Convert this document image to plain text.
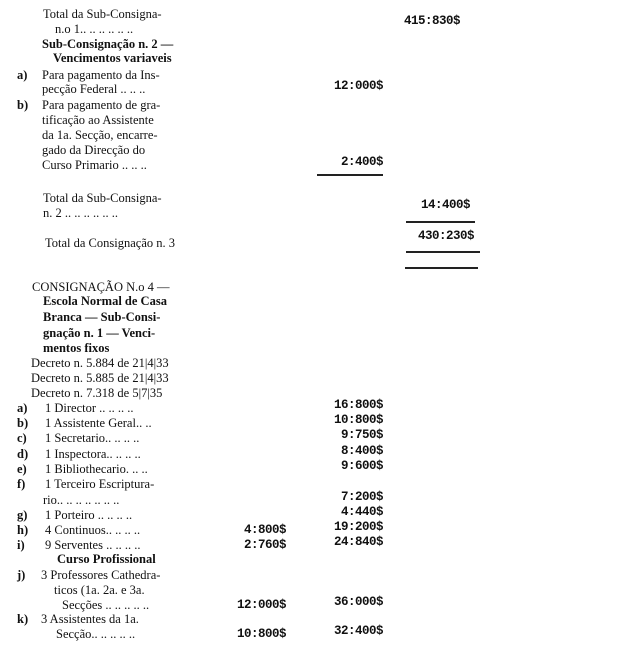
Total da Sub-Consigna-
n.o 1.. .. .. .. .. ..
415:830$
Sub-Consignação n. 2 —
Vencimentos variaveis
a) Para pagamento da Ins-
pecção Federal .. .. ..	12:000$
b) Para pagamento de gra-
tificação ao Assistente
da 1a. Secção, encarre-
gado da Direcção do
Curso Primario .. .. ..	2:400$
Total da Sub-Consigna-
n. 2 .. .. .. .. .. ..
14:400$
Total da Consignação n. 3	430:230$
CONSIGNAÇÃO N.o 4 —
Escola Normal de Casa
Branca — Sub-Consi-
gnação n. 1 — Venci-
mentos fixos
Decreto n. 5.884 de 21|4|33
Decreto n. 5.885 de 21|4|33
Decreto n. 7.318 de 5|7|35
a) 1 Director .. .. .. ..	16:800$
b) 1 Assistente Geral.. ..	10:800$
c) 1 Secretario.. .. .. ..	9:750$
d) 1 Inspectora.. .. .. ..	8:400$
e) 1 Bibliothecario. .. ..	9:600$
f) 1 Terceiro Escriptura-
rio.. .. .. .. .. .. ..	7:200$
g) 1 Porteiro .. .. .. ..	4:440$
h) 4 Continuos.. .. .. ..	4:800$	19:200$
i) 9 Serventes .. .. .. ..	2:760$	24:840$
Curso Profissional
j) 3 Professores Cathedra-
ticos (1a. 2a. e 3a.
Secções .. .. .. .. ..	12:000$	36:000$
k) 3 Assistentes da 1a.
Secção.. .. .. .. ..	10:800$	32:400$
